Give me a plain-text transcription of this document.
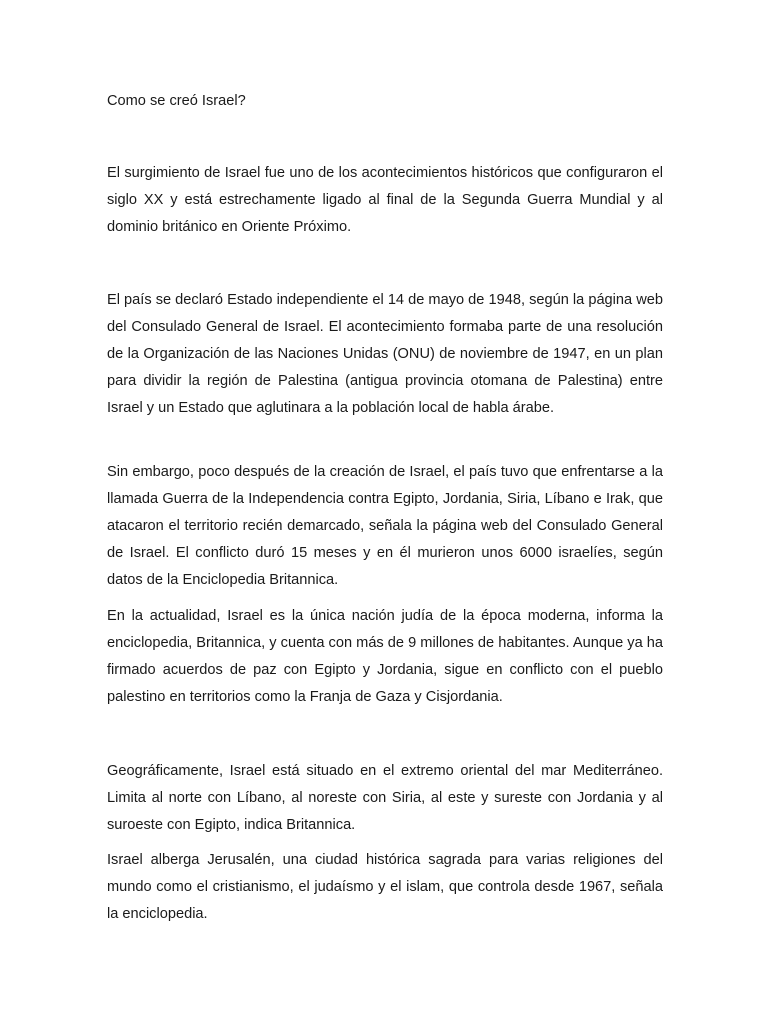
Como se creó Israel?

El surgimiento de Israel fue uno de los acontecimientos históricos que configuraron el siglo XX y está estrechamente ligado al final de la Segunda Guerra Mundial y al dominio británico en Oriente Próximo.

El país se declaró Estado independiente el 14 de mayo de 1948, según la página web del Consulado General de Israel. El acontecimiento formaba parte de una resolución de la Organización de las Naciones Unidas (ONU) de noviembre de 1947, en un plan para dividir la región de Palestina (antigua provincia otomana de Palestina) entre Israel y un Estado que aglutinara a la población local de habla árabe.

Sin embargo, poco después de la creación de Israel, el país tuvo que enfrentarse a la llamada Guerra de la Independencia contra Egipto, Jordania, Siria, Líbano e Irak, que atacaron el territorio recién demarcado, señala la página web del Consulado General de Israel. El conflicto duró 15 meses y en él murieron unos 6000 israelíes, según datos de la Enciclopedia Britannica.

En la actualidad, Israel es la única nación judía de la época moderna, informa la enciclopedia, Britannica, y cuenta con más de 9 millones de habitantes. Aunque ya ha firmado acuerdos de paz con Egipto y Jordania, sigue en conflicto con el pueblo palestino en territorios como la Franja de Gaza y Cisjordania.

Geográficamente, Israel está situado en el extremo oriental del mar Mediterráneo. Limita al norte con Líbano, al noreste con Siria, al este y sureste con Jordania y al suroeste con Egipto, indica Britannica.

Israel alberga Jerusalén, una ciudad histórica sagrada para varias religiones del mundo como el cristianismo, el judaísmo y el islam, que controla desde 1967, señala la enciclopedia.
